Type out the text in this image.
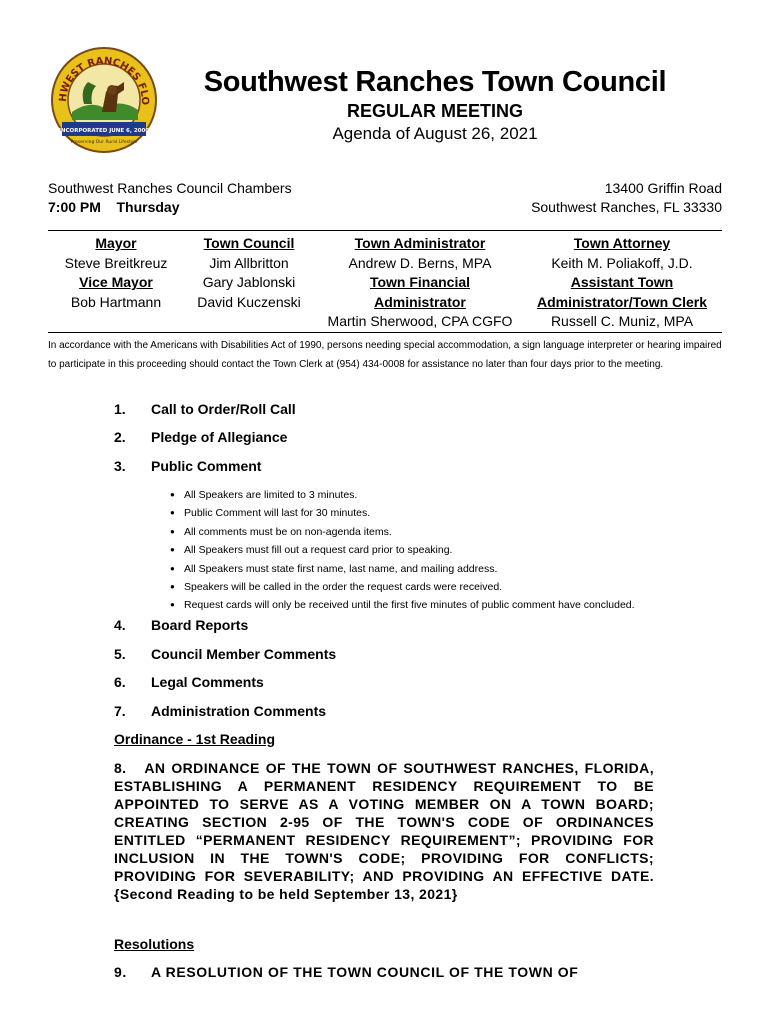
HWEST RANCHES FLO
INCORPORATED JUNE 6, 2000
Preserving Our Rural Lifestyle
Southwest Ranches Town Council
REGULAR MEETING
Agenda of August 26, 2021
Southwest Ranches Council Chambers
7:00 PM Thursday
13400 Griffin Road
Southwest Ranches, FL 33330
Mayor
Steve Breitkreuz
Vice Mayor
Bob Hartmann
Town Council
Jim Allbritton
Gary Jablonski
David Kuczenski
Town Administrator
Andrew D. Berns, MPA
Town Financial
Administrator
Martin Sherwood, CPA CGFO
Town Attorney
Keith M. Poliakoff, J.D.
Assistant Town
Administrator/Town Clerk
Russell C. Muniz, MPA
In accordance with the Americans with Disabilities Act of 1990, persons needing special accommodation, a sign language interpreter or hearing impaired to participate in this proceeding should contact the Town Clerk at (954) 434-0008 for assistance no later than four days prior to the meeting.
1. Call to Order/Roll Call
2. Pledge of Allegiance
3. Public Comment
● All Speakers are limited to 3 minutes.
● Public Comment will last for 30 minutes.
● All comments must be on non-agenda items.
● All Speakers must fill out a request card prior to speaking.
● All Speakers must state first name, last name, and mailing address.
● Speakers will be called in the order the request cards were received.
● Request cards will only be received until the first five minutes of public comment have concluded.
4. Board Reports
5. Council Member Comments
6. Legal Comments
7. Administration Comments
Ordinance - 1st Reading
8. AN ORDINANCE OF THE TOWN OF SOUTHWEST RANCHES, FLORIDA, ESTABLISHING A PERMANENT RESIDENCY REQUIREMENT TO BE APPOINTED TO SERVE AS A VOTING MEMBER ON A TOWN BOARD; CREATING SECTION 2-95 OF THE TOWN'S CODE OF ORDINANCES ENTITLED “PERMANENT RESIDENCY REQUIREMENT”; PROVIDING FOR INCLUSION IN THE TOWN'S CODE; PROVIDING FOR CONFLICTS; PROVIDING FOR SEVERABILITY; AND PROVIDING AN EFFECTIVE DATE. {Second Reading to be held September 13, 2021}
Resolutions
9. A RESOLUTION OF THE TOWN COUNCIL OF THE TOWN OF
